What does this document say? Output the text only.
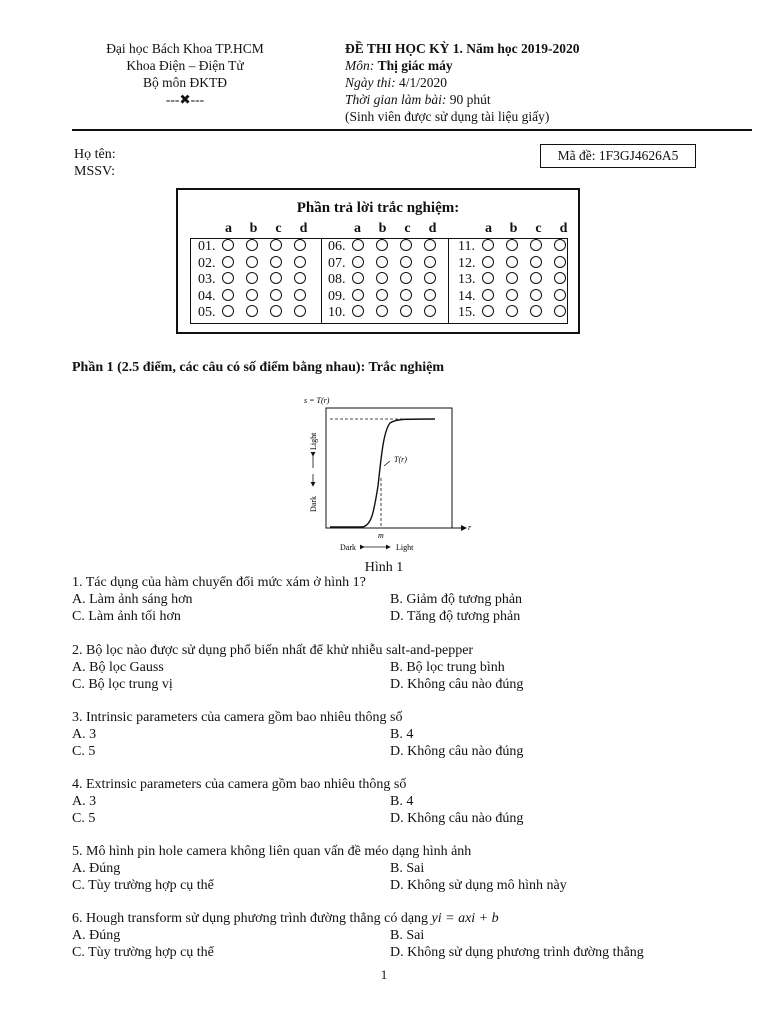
Đại học Bách Khoa TP.HCM
Khoa Điện – Điện Tử
Bộ môn ĐKTĐ
---✖---
ĐỀ THI HỌC KỲ 1. Năm học 2019-2020
Môn: Thị giác máy
Ngày thi: 4/1/2020
Thời gian làm bài: 90 phút
(Sinh viên được sử dụng tài liệu giấy)
Họ tên:
MSSV:
Mã đề: 1F3GJ4626A5
Phần trả lời trắc nghiệm:
a b c d	a b c d	a b c d
01.
02.
03.
04.
05.
06.
07.
08.
09.
10.
11.
12.
13.
14.
15.
Phần 1 (2.5 điểm, các câu có số điểm bằng nhau): Trắc nghiệm
s = T(r)
T(r)
r
m
Light
Dark
Dark	Light
Hình 1
1. Tác dụng của hàm chuyển đổi mức xám ở hình 1?
A. Làm ảnh sáng hơn	B. Giảm độ tương phản
C. Làm ảnh tối hơn	D. Tăng độ tương phản
2. Bộ lọc nào được sử dụng phổ biến nhất để khử nhiễu salt-and-pepper
A. Bộ lọc Gauss	B. Bộ lọc trung bình
C. Bộ lọc trung vị	D. Không câu nào đúng
3. Intrinsic parameters của camera gồm bao nhiêu thông số
A. 3	B. 4
C. 5	D. Không câu nào đúng
4. Extrinsic parameters của camera gồm bao nhiêu thông số
A. 3	B. 4
C. 5	D. Không câu nào đúng
5. Mô hình pin hole camera không liên quan vấn đề méo dạng hình ảnh
A. Đúng	B. Sai
C. Tùy trường hợp cụ thể	D. Không sử dụng mô hình này
6. Hough transform sử dụng phương trình đường thẳng có dạng yi = axi + b
A. Đúng	B. Sai
C. Tùy trường hợp cụ thể	D. Không sử dụng phương trình đường thẳng
1
